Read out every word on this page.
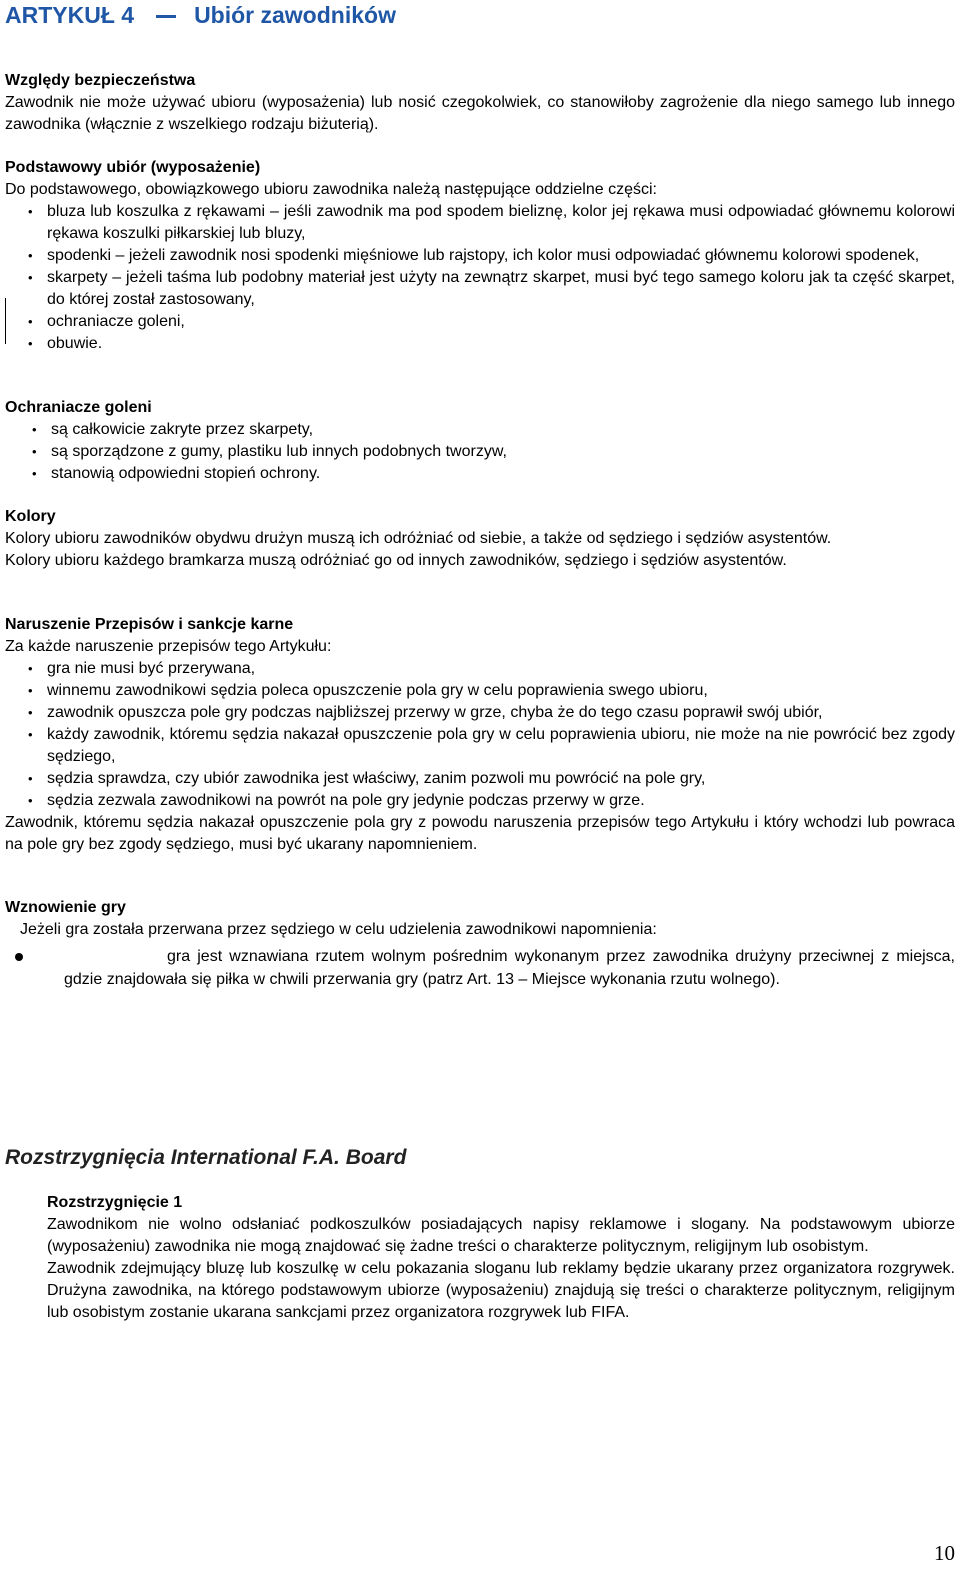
ARTYKUŁ 4	Ubiór zawodników

Względy bezpieczeństwa

Zawodnik nie może używać ubioru (wyposażenia) lub nosić czegokolwiek, co stanowiłoby zagrożenie dla niego samego lub innego zawodnika (włącznie z wszelkiego rodzaju biżuterią).

Podstawowy ubiór (wyposażenie)

Do podstawowego, obowiązkowego ubioru zawodnika należą następujące oddzielne części:

• bluza lub koszulka z rękawami – jeśli zawodnik ma pod spodem bieliznę, kolor jej rękawa musi odpowiadać głównemu kolorowi rękawa koszulki piłkarskiej lub bluzy,
• spodenki – jeżeli zawodnik nosi spodenki mięśniowe lub rajstopy, ich kolor musi odpowiadać głównemu kolorowi spodenek,
• skarpety – jeżeli taśma lub podobny materiał jest użyty na zewnątrz skarpet, musi być tego samego koloru jak ta część skarpet, do której został zastosowany,
• ochraniacze goleni,
• obuwie.

Ochraniacze goleni

• są całkowicie zakryte przez skarpety,
• są sporządzone z gumy, plastiku lub innych podobnych tworzyw,
• stanowią odpowiedni stopień ochrony.

Kolory

Kolory ubioru zawodników obydwu drużyn muszą ich odróżniać od siebie, a także od sędziego i sędziów asystentów.

Kolory ubioru każdego bramkarza muszą odróżniać go od innych zawodników, sędziego i sędziów asystentów.

Naruszenie Przepisów i sankcje karne

Za każde naruszenie przepisów tego Artykułu:

• gra nie musi być przerywana,
• winnemu zawodnikowi sędzia poleca opuszczenie pola gry w celu poprawienia swego ubioru,
• zawodnik opuszcza pole gry podczas najbliższej przerwy w grze, chyba że do tego czasu poprawił swój ubiór,
• każdy zawodnik, któremu sędzia nakazał opuszczenie pola gry w celu poprawienia ubioru, nie może na nie powrócić bez zgody sędziego,
• sędzia sprawdza, czy ubiór zawodnika jest właściwy, zanim pozwoli mu powrócić na pole gry,
• sędzia zezwala zawodnikowi na powrót na pole gry jedynie podczas przerwy w grze.

Zawodnik, któremu sędzia nakazał opuszczenie pola gry z powodu naruszenia przepisów tego Artykułu i który wchodzi lub powraca na pole gry bez zgody sędziego, musi być ukarany napomnieniem.

Wznowienie gry

Jeżeli gra została przerwana przez sędziego w celu udzielenia zawodnikowi napomnienia:

gra jest wznawiana rzutem wolnym pośrednim wykonanym przez zawodnika drużyny przeciwnej z miejsca, gdzie znajdowała się piłka w chwili przerwania gry (patrz Art. 13 – Miejsce wykonania rzutu wolnego).

Rozstrzygnięcia International F.A. Board

Rozstrzygnięcie 1

Zawodnikom nie wolno odsłaniać podkoszulków posiadających napisy reklamowe i slogany. Na podstawowym ubiorze (wyposażeniu) zawodnika nie mogą znajdować się żadne treści o charakterze politycznym, religijnym lub osobistym.

Zawodnik zdejmujący bluzę lub koszulkę w celu pokazania sloganu lub reklamy będzie ukarany przez organizatora rozgrywek. Drużyna zawodnika, na którego podstawowym ubiorze (wyposażeniu) znajdują się treści o charakterze politycznym, religijnym lub osobistym zostanie ukarana sankcjami przez organizatora rozgrywek lub FIFA.

10
